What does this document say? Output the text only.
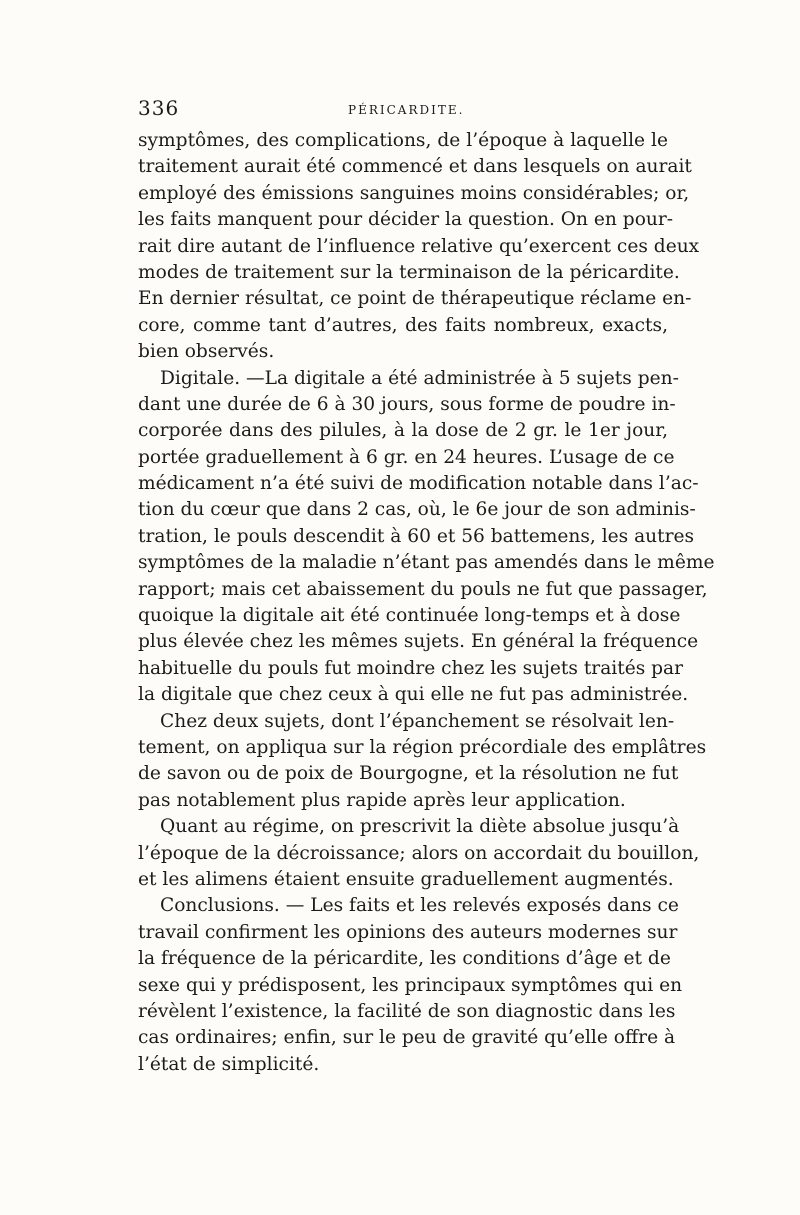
336	PÉRICARDITE.
symptômes, des complications, de l’époque à laquelle le
traitement aurait été commencé et dans lesquels on aurait
employé des émissions sanguines moins considérables; or,
les faits manquent pour décider la question. On en pour-
rait dire autant de l’influence relative qu’exercent ces deux
modes de traitement sur la terminaison de la péricardite.
En dernier résultat, ce point de thérapeutique réclame en-
core, comme tant d’autres, des faits nombreux, exacts,
bien observés.
Digitale. —La digitale a été administrée à 5 sujets pen-
dant une durée de 6 à 30 jours, sous forme de poudre in-
corporée dans des pilules, à la dose de 2 gr. le 1er jour,
portée graduellement à 6 gr. en 24 heures. L’usage de ce
médicament n’a été suivi de modification notable dans l’ac-
tion du cœur que dans 2 cas, où, le 6e jour de son adminis-
tration, le pouls descendit à 60 et 56 battemens, les autres
symptômes de la maladie n’étant pas amendés dans le même
rapport; mais cet abaissement du pouls ne fut que passager,
quoique la digitale ait été continuée long-temps et à dose
plus élevée chez les mêmes sujets. En général la fréquence
habituelle du pouls fut moindre chez les sujets traités par
la digitale que chez ceux à qui elle ne fut pas administrée.
Chez deux sujets, dont l’épanchement se résolvait len-
tement, on appliqua sur la région précordiale des emplâtres
de savon ou de poix de Bourgogne, et la résolution ne fut
pas notablement plus rapide après leur application.
Quant au régime, on prescrivit la diète absolue jusqu’à
l’époque de la décroissance; alors on accordait du bouillon,
et les alimens étaient ensuite graduellement augmentés.
Conclusions. — Les faits et les relevés exposés dans ce
travail confirment les opinions des auteurs modernes sur
la fréquence de la péricardite, les conditions d’âge et de
sexe qui y prédisposent, les principaux symptômes qui en
révèlent l’existence, la facilité de son diagnostic dans les
cas ordinaires; enfin, sur le peu de gravité qu’elle offre à
l’état de simplicité.
